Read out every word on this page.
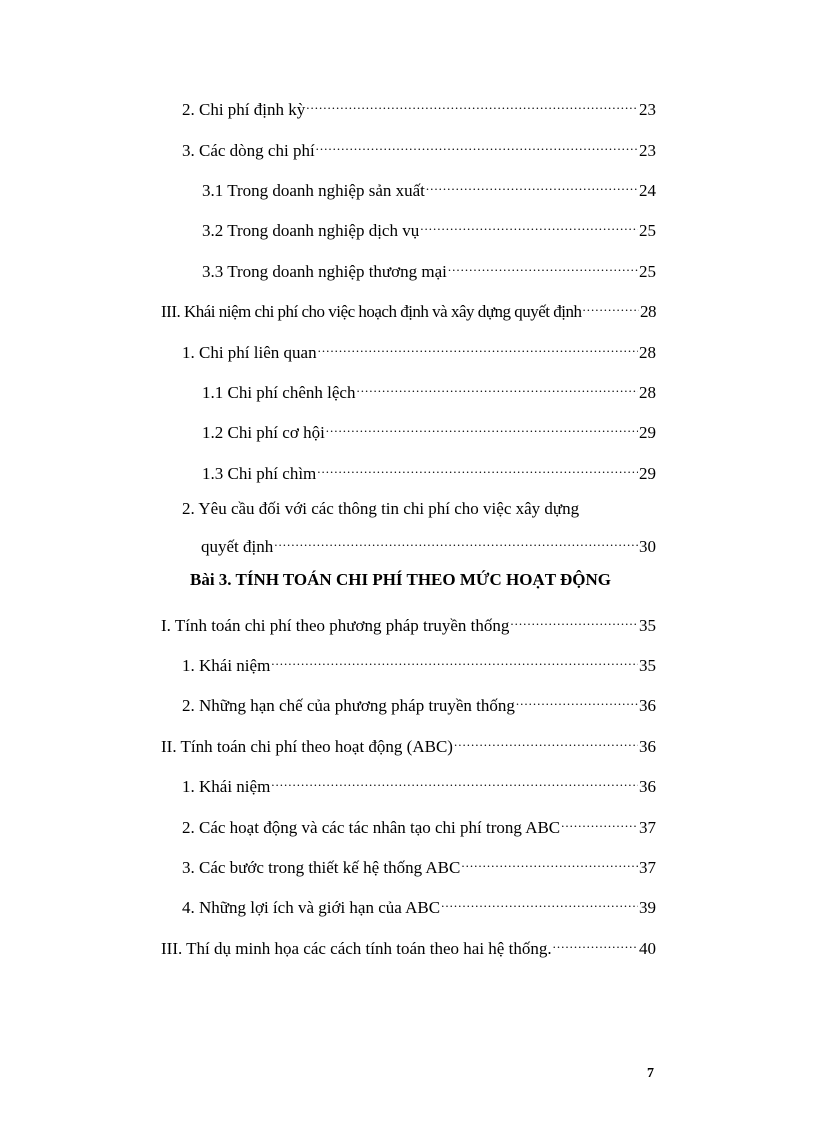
2. Chi phí định kỳ .....	23
3. Các dòng chi phí .....	23
3.1 Trong doanh nghiệp sản xuất .....	24
3.2 Trong doanh nghiệp dịch vụ .....	25
3.3 Trong doanh nghiệp thương mại .....	25
III. Khái niệm chi phí cho việc hoạch định và xây dựng quyết định .....	28
1. Chi phí liên quan .....	28
1.1 Chi phí chênh lệch .....	28
1.2 Chi phí cơ hội .....	29
1.3 Chi phí chìm .....	29
2. Yêu cầu đối với các thông tin chi phí cho việc xây dựng
quyết định .....	30
Bài 3. TÍNH TOÁN CHI PHÍ THEO MỨC HOẠT ĐỘNG
I. Tính toán chi phí theo phương pháp truyền thống .....	35
1. Khái niệm .....	35
2. Những hạn chế của phương pháp truyền thống .....	36
II. Tính toán chi phí theo hoạt động (ABC) .....	36
1. Khái niệm .....	36
2. Các hoạt động và các tác nhân tạo chi phí trong ABC .....	37
3. Các bước trong thiết kế hệ thống ABC .....	37
4. Những lợi ích và giới hạn của ABC .....	39
III. Thí dụ minh họa các cách tính toán theo hai hệ thống. .....	40
7
